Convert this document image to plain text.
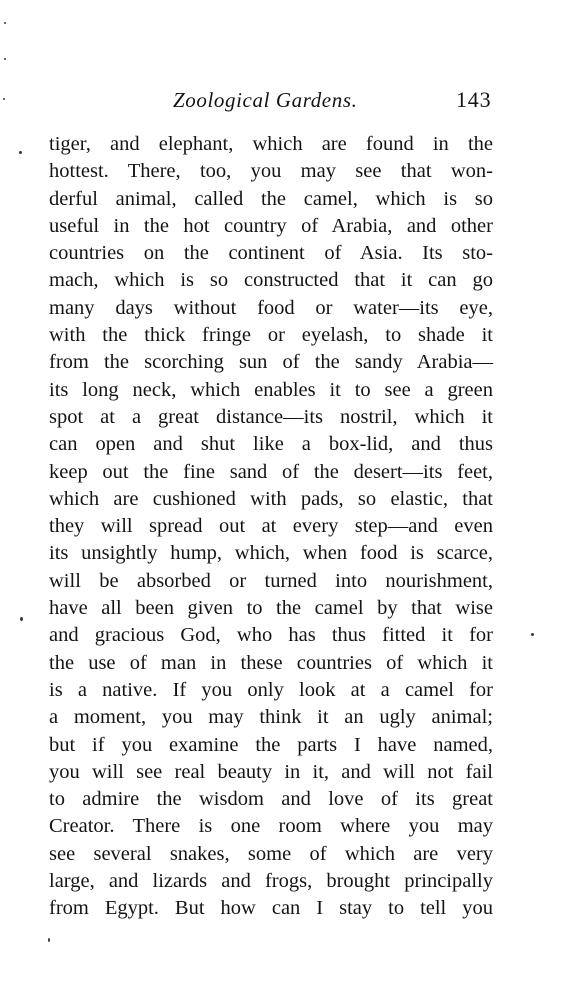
Zoological Gardens.	143
tiger, and elephant, which are found in the
hottest. There, too, you may see that won-
derful animal, called the camel, which is so
useful in the hot country of Arabia, and other
countries on the continent of Asia. Its sto-
mach, which is so constructed that it can go
many days without food or water—its eye,
with the thick fringe or eyelash, to shade it
from the scorching sun of the sandy Arabia—
its long neck, which enables it to see a green
spot at a great distance—its nostril, which it
can open and shut like a box-lid, and thus
keep out the fine sand of the desert—its feet,
which are cushioned with pads, so elastic, that
they will spread out at every step—and even
its unsightly hump, which, when food is scarce,
will be absorbed or turned into nourishment,
have all been given to the camel by that wise
and gracious God, who has thus fitted it for
the use of man in these countries of which it
is a native. If you only look at a camel for
a moment, you may think it an ugly animal;
but if you examine the parts I have named,
you will see real beauty in it, and will not fail
to admire the wisdom and love of its great
Creator. There is one room where you may
see several snakes, some of which are very
large, and lizards and frogs, brought principally
from Egypt. But how can I stay to tell you
